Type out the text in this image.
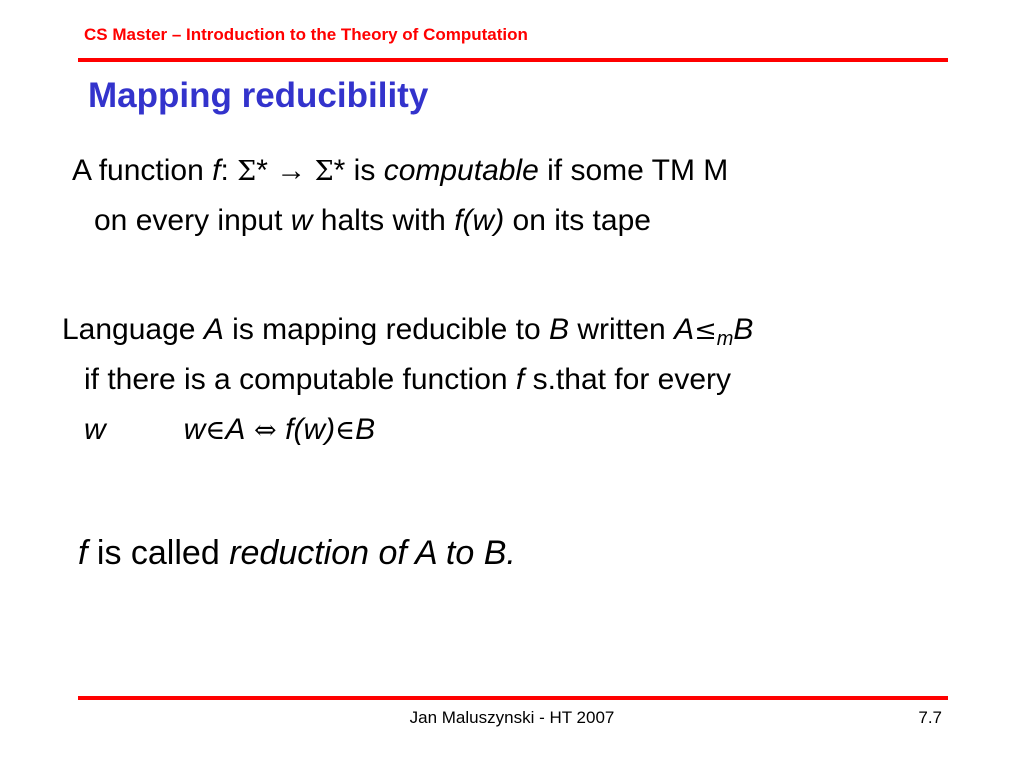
CS Master – Introduction to the Theory of Computation
Mapping reducibility
A function f: Σ* → Σ* is computable if some TM M
on every input w halts with f(w) on its tape
Language A is mapping reducible to B written $A\le_mB$
if there is a computable function f s.that for every
w	w∈A ⇔ f(w)∈B
f is called reduction of A to B.
Jan Maluszynski - HT 2007	7.7
